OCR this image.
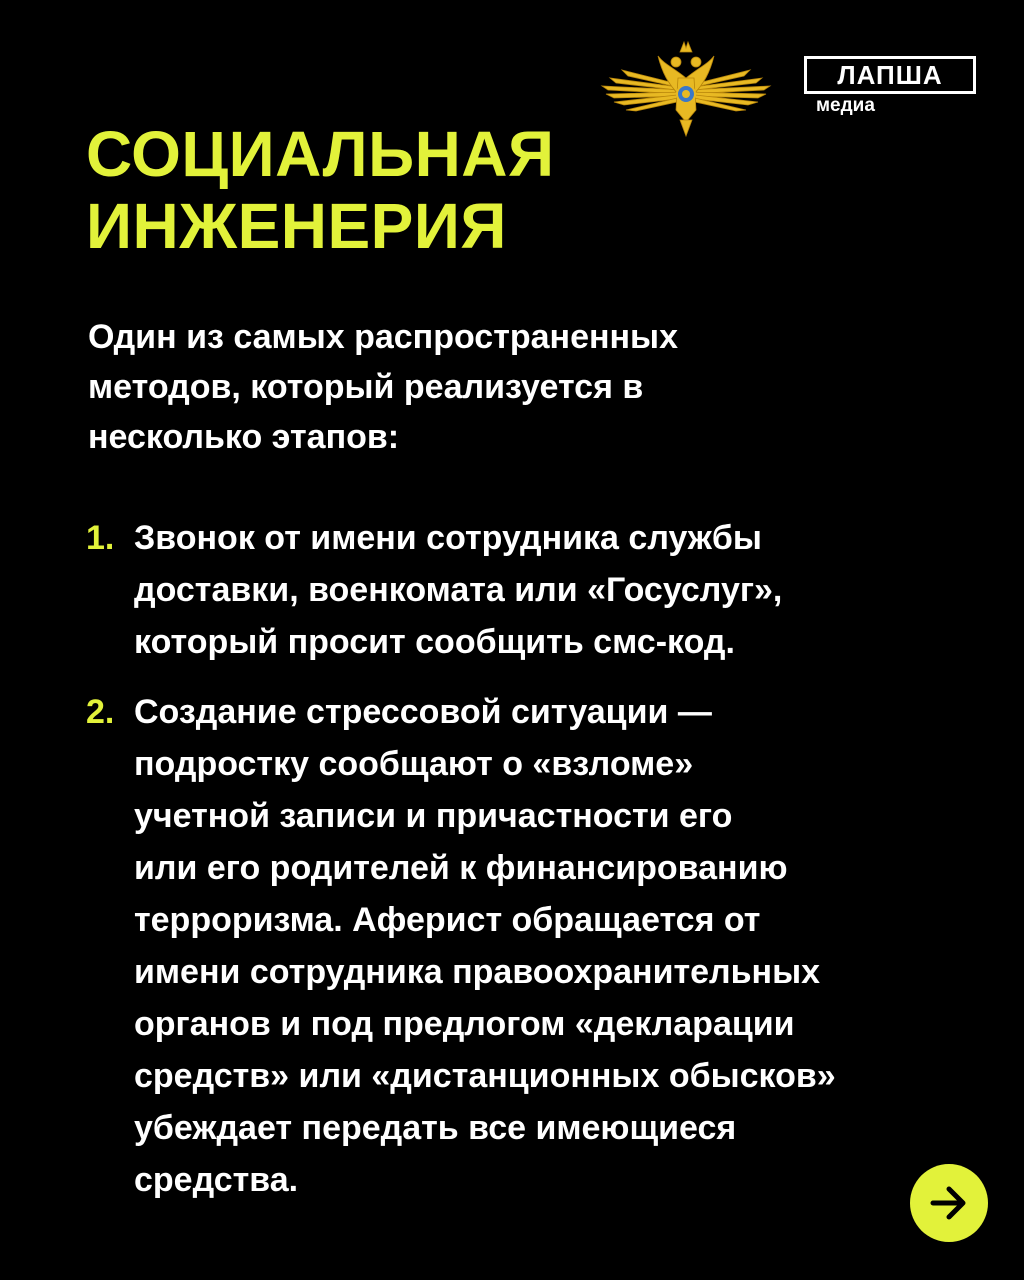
ЛАПША
медиа
СОЦИАЛЬНАЯ
ИНЖЕНЕРИЯ

Один из самых распространенных
методов, который реализуется в
несколько этапов:

1. Звонок от имени сотрудника службы
доставки, военкомата или «Госуслуг»,
который просит сообщить смс-код.
2. Создание стрессовой ситуации —
подростку сообщают о «взломе»
учетной записи и причастности его
или его родителей к финансированию
терроризма. Аферист обращается от
имени сотрудника правоохранительных
органов и под предлогом «декларации
средств» или «дистанционных обысков»
убеждает передать все имеющиеся
средства.
